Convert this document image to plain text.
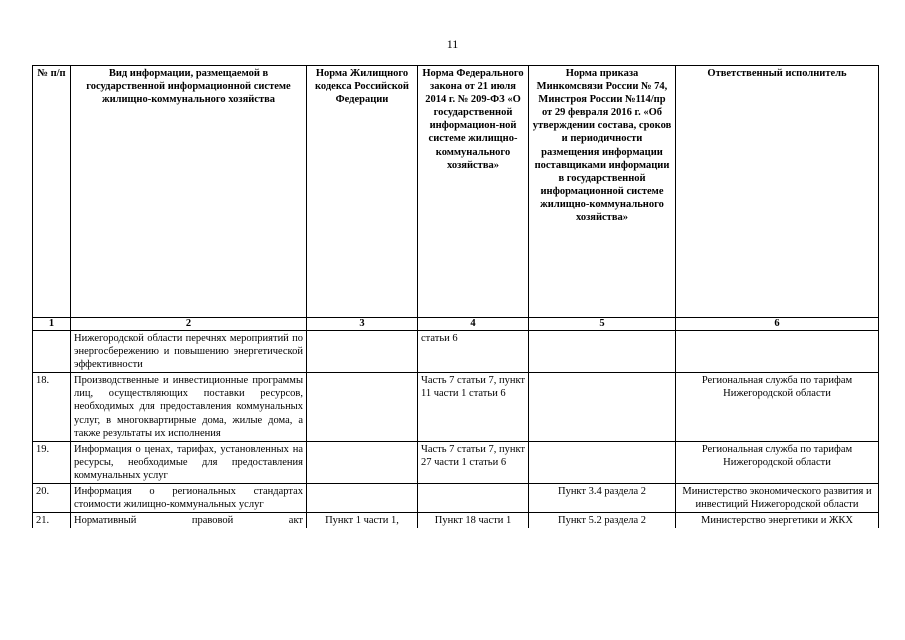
11
№ п/п	Вид информации, размещаемой в государственной информационной системе жилищно-коммунального хозяйства	Норма Жилищного кодекса Российской Федерации	Норма Федерального закона от 21 июля 2014 г. № 209-ФЗ «О государственной информацион-ной системе жилищно-коммунального хозяйства»	Норма приказа Минкомсвязи России № 74, Минстроя России №114/пр от 29 февраля 2016 г. «Об утверждении состава, сроков и периодичности размещения информации поставщиками информации в государственной информационной системе жилищно-коммунального хозяйства»	Ответственный исполнитель
1	2	3	4	5	6
	Нижегородской области перечнях мероприятий по энергосбережению и повышению энергетической эффективности		статьи 6		
18.	Производственные и инвестиционные программы лиц, осуществляющих поставки ресурсов, необходимых для предоставления коммунальных услуг, в многоквартирные дома, жилые дома, а также результаты их исполнения		Часть 7 статьи 7, пункт 11 части 1 статьи 6		Региональная служба по тарифам Нижегородской области
19.	Информация о ценах, тарифах, установленных на ресурсы, необходимые для предоставления коммунальных услуг		Часть 7 статьи 7, пункт 27 части 1 статьи 6		Региональная служба по тарифам Нижегородской области
20.	Информация о региональных стандартах стоимости жилищно-коммунальных услуг			Пункт 3.4 раздела 2	Министерство экономического развития и инвестиций Нижегородской области
21.	Нормативный правовой акт	Пункт 1 части 1,	Пункт 18 части 1	Пункт 5.2 раздела 2	Министерство энергетики и ЖКХ
